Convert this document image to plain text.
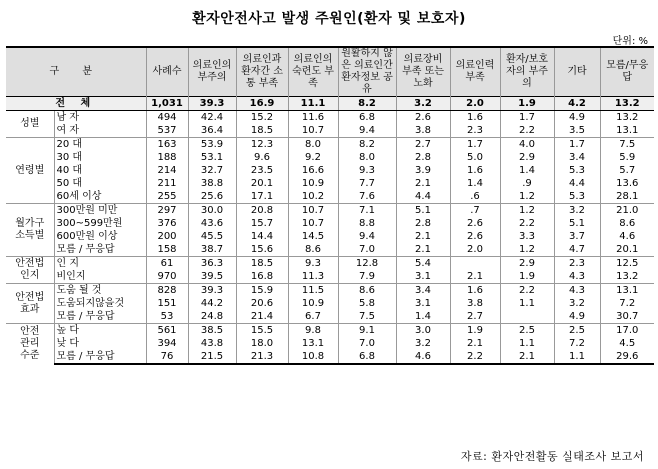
환자안전사고 발생 주원인(환자 및 보호자)
단위: %
구 분		사례수	의료인의 부주의	의료인과 환자간 소통 부족	의료인의 숙련도 부족	원활하지 않은 의료인간 환자정보 공유	의료장비 부족 또는 노화	의료인력 부족	환자/보호자의 부주의	기타	모름/무응답
전 체		1,031	39.3	16.9	11.1	8.2	3.2	2.0	1.9	4.2	13.2
성별	남 자	494	42.4	15.2	11.6	6.8	2.6	1.6	1.7	4.9	13.2
	여 자	537	36.4	18.5	10.7	9.4	3.8	2.3	2.2	3.5	13.1
연령별	20 대	163	53.9	12.3	8.0	8.2	2.7	1.7	4.0	1.7	7.5
	30 대	188	53.1	9.6	9.2	8.0	2.8	5.0	2.9	3.4	5.9
	40 대	214	32.7	23.5	16.6	9.3	3.9	1.6	1.4	5.3	5.7
	50 대	211	38.8	20.1	10.9	7.7	2.1	1.4	.9	4.4	13.6
	60세 이상	255	25.6	17.1	10.2	7.6	4.4	.6	1.2	5.3	28.1
월가구
소득별	300만원 미만	297	30.0	20.8	10.7	7.1	5.1	.7	1.2	3.2	21.0
	300~599만원	376	43.6	15.7	10.7	8.8	2.8	2.6	2.2	5.1	8.6
	600만원 이상	200	45.5	14.4	14.5	9.4	2.1	2.6	3.3	3.7	4.6
	모름 / 무응답	158	38.7	15.6	8.6	7.0	2.1	2.0	1.2	4.7	20.1
안전법
인지	인 지	61	36.3	18.5	9.3	12.8	5.4		2.9	2.3	12.5
	비인지	970	39.5	16.8	11.3	7.9	3.1	2.1	1.9	4.3	13.2
안전법
효과	도움 될 것	828	39.3	15.9	11.5	8.6	3.4	1.6	2.2	4.3	13.1
	도움되지않을것	151	44.2	20.6	10.9	5.8	3.1	3.8	1.1	3.2	7.2
	모름 / 무응답	53	24.8	21.4	6.7	7.5	1.4	2.7		4.9	30.7
안전
관리
수준	높 다	561	38.5	15.5	9.8	9.1	3.0	1.9	2.5	2.5	17.0
	낮 다	394	43.8	18.0	13.1	7.0	3.2	2.1	1.1	7.2	4.5
	모름 / 무응답	76	21.5	21.3	10.8	6.8	4.6	2.2	2.1	1.1	29.6
자료: 환자안전활동 실태조사 보고서
